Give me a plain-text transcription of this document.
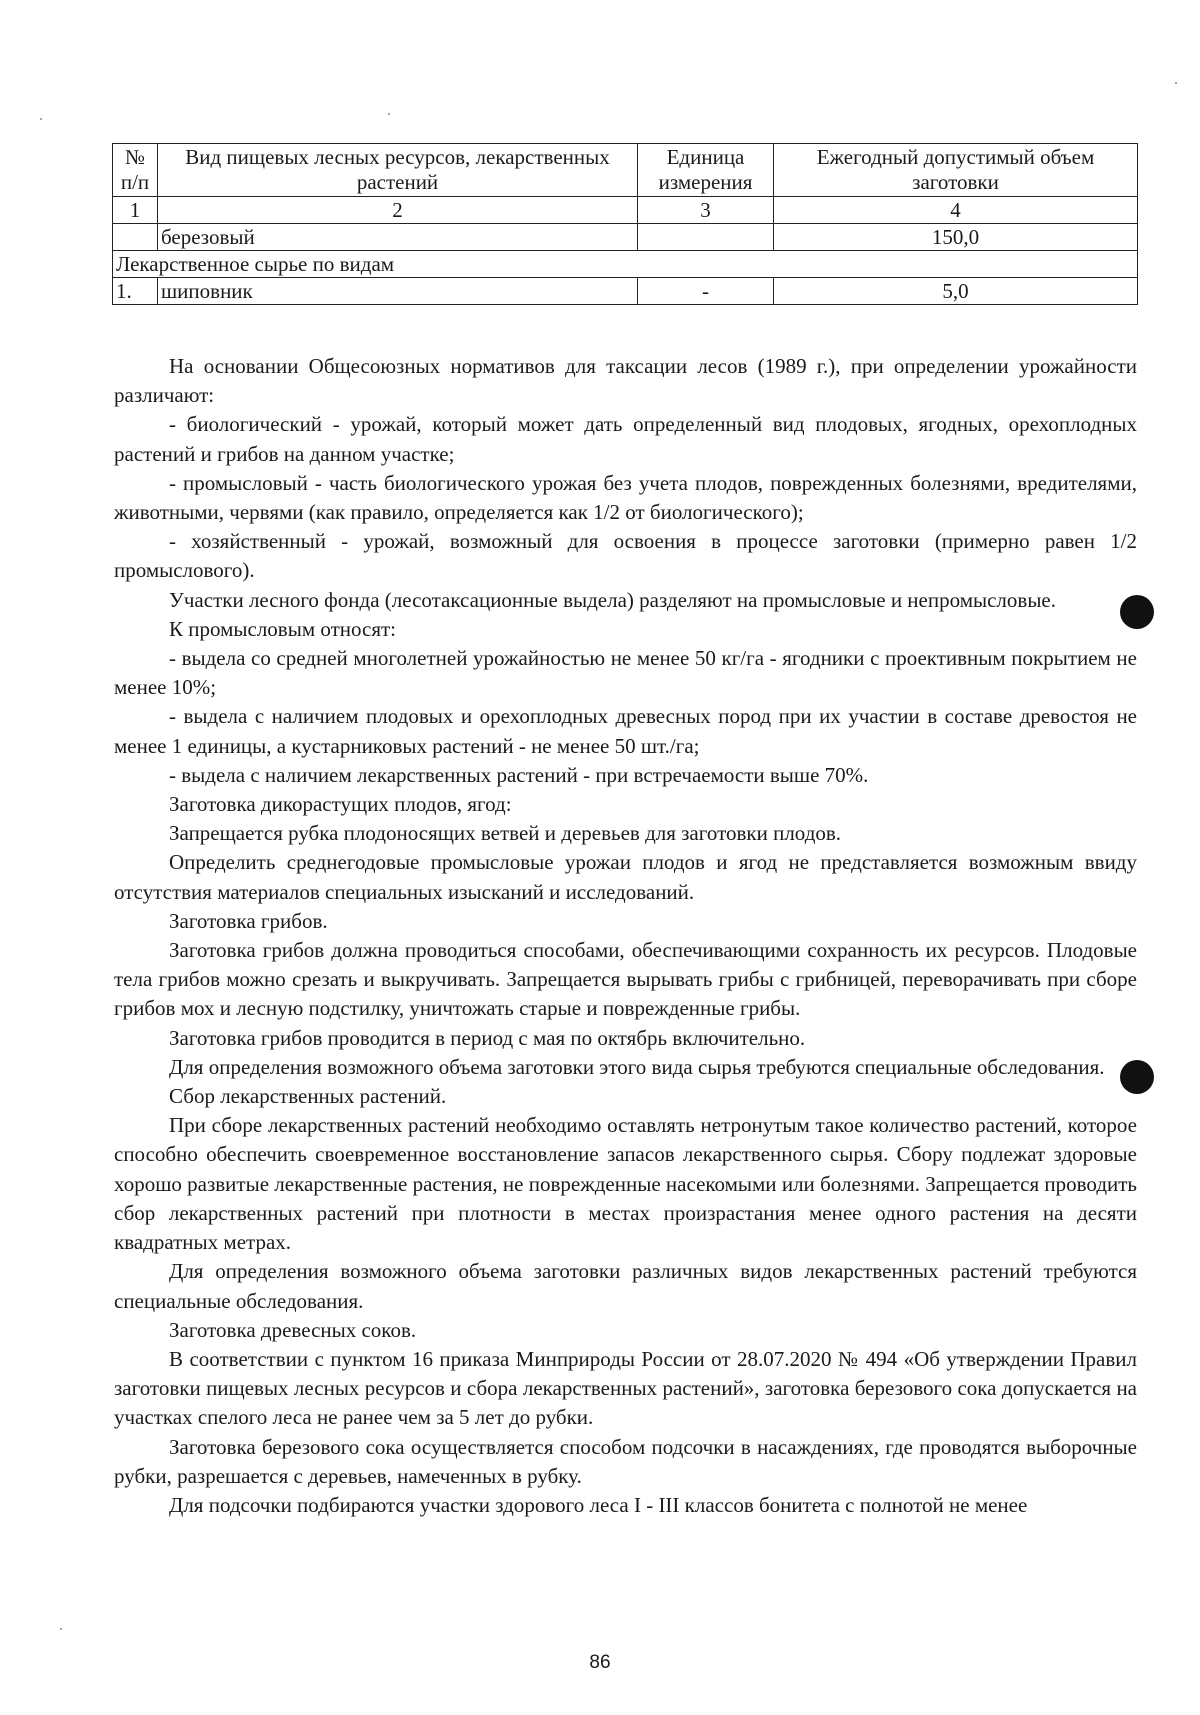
№ п/п	Вид пищевых лесных ресурсов, лекарственных растений	Единица измерения	Ежегодный допустимый объем заготовки
1	2	3	4
	березовый		150,0
Лекарственное сырье по видам			
1.	шиповник	-	5,0

На основании Общесоюзных нормативов для таксации лесов (1989 г.), при определении урожайности различают:

- биологический - урожай, который может дать определенный вид плодовых, ягодных, орехоплодных растений и грибов на данном участке;

- промысловый - часть биологического урожая без учета плодов, поврежденных болезнями, вредителями, животными, червями (как правило, определяется как 1/2 от биологического);

- хозяйственный - урожай, возможный для освоения в процессе заготовки (примерно равен 1/2 промыслового).

Участки лесного фонда (лесотаксационные выдела) разделяют на промысловые и непромысловые.

К промысловым относят:

- выдела со средней многолетней урожайностью не менее 50 кг/га - ягодники с проективным покрытием не менее 10%;

- выдела с наличием плодовых и орехоплодных древесных пород при их участии в составе древостоя не менее 1 единицы, а кустарниковых растений - не менее 50 шт./га;

- выдела с наличием лекарственных растений - при встречаемости выше 70%.

Заготовка дикорастущих плодов, ягод:

Запрещается рубка плодоносящих ветвей и деревьев для заготовки плодов.

Определить среднегодовые промысловые урожаи плодов и ягод не представляется возможным ввиду отсутствия материалов специальных изысканий и исследований.

Заготовка грибов.

Заготовка грибов должна проводиться способами, обеспечивающими сохранность их ресурсов. Плодовые тела грибов можно срезать и выкручивать. Запрещается вырывать грибы с грибницей, переворачивать при сборе грибов мох и лесную подстилку, уничтожать старые и поврежденные грибы.

Заготовка грибов проводится в период с мая по октябрь включительно.

Для определения возможного объема заготовки этого вида сырья требуются специальные обследования.

Сбор лекарственных растений.

При сборе лекарственных растений необходимо оставлять нетронутым такое количество растений, которое способно обеспечить своевременное восстановление запасов лекарственного сырья. Сбору подлежат здоровые хорошо развитые лекарственные растения, не поврежденные насекомыми или болезнями. Запрещается проводить сбор лекарственных растений при плотности в местах произрастания менее одного растения на десяти квадратных метрах.

Для определения возможного объема заготовки различных видов лекарственных растений требуются специальные обследования.

Заготовка древесных соков.

В соответствии с пунктом 16 приказа Минприроды России от 28.07.2020 № 494 «Об утверждении Правил заготовки пищевых лесных ресурсов и сбора лекарственных растений», заготовка березового сока допускается на участках спелого леса не ранее чем за 5 лет до рубки.

Заготовка березового сока осуществляется способом подсочки в насаждениях, где проводятся выборочные рубки, разрешается с деревьев, намеченных в рубку.

Для подсочки подбираются участки здорового леса I - III классов бонитета с полнотой не менее

86
